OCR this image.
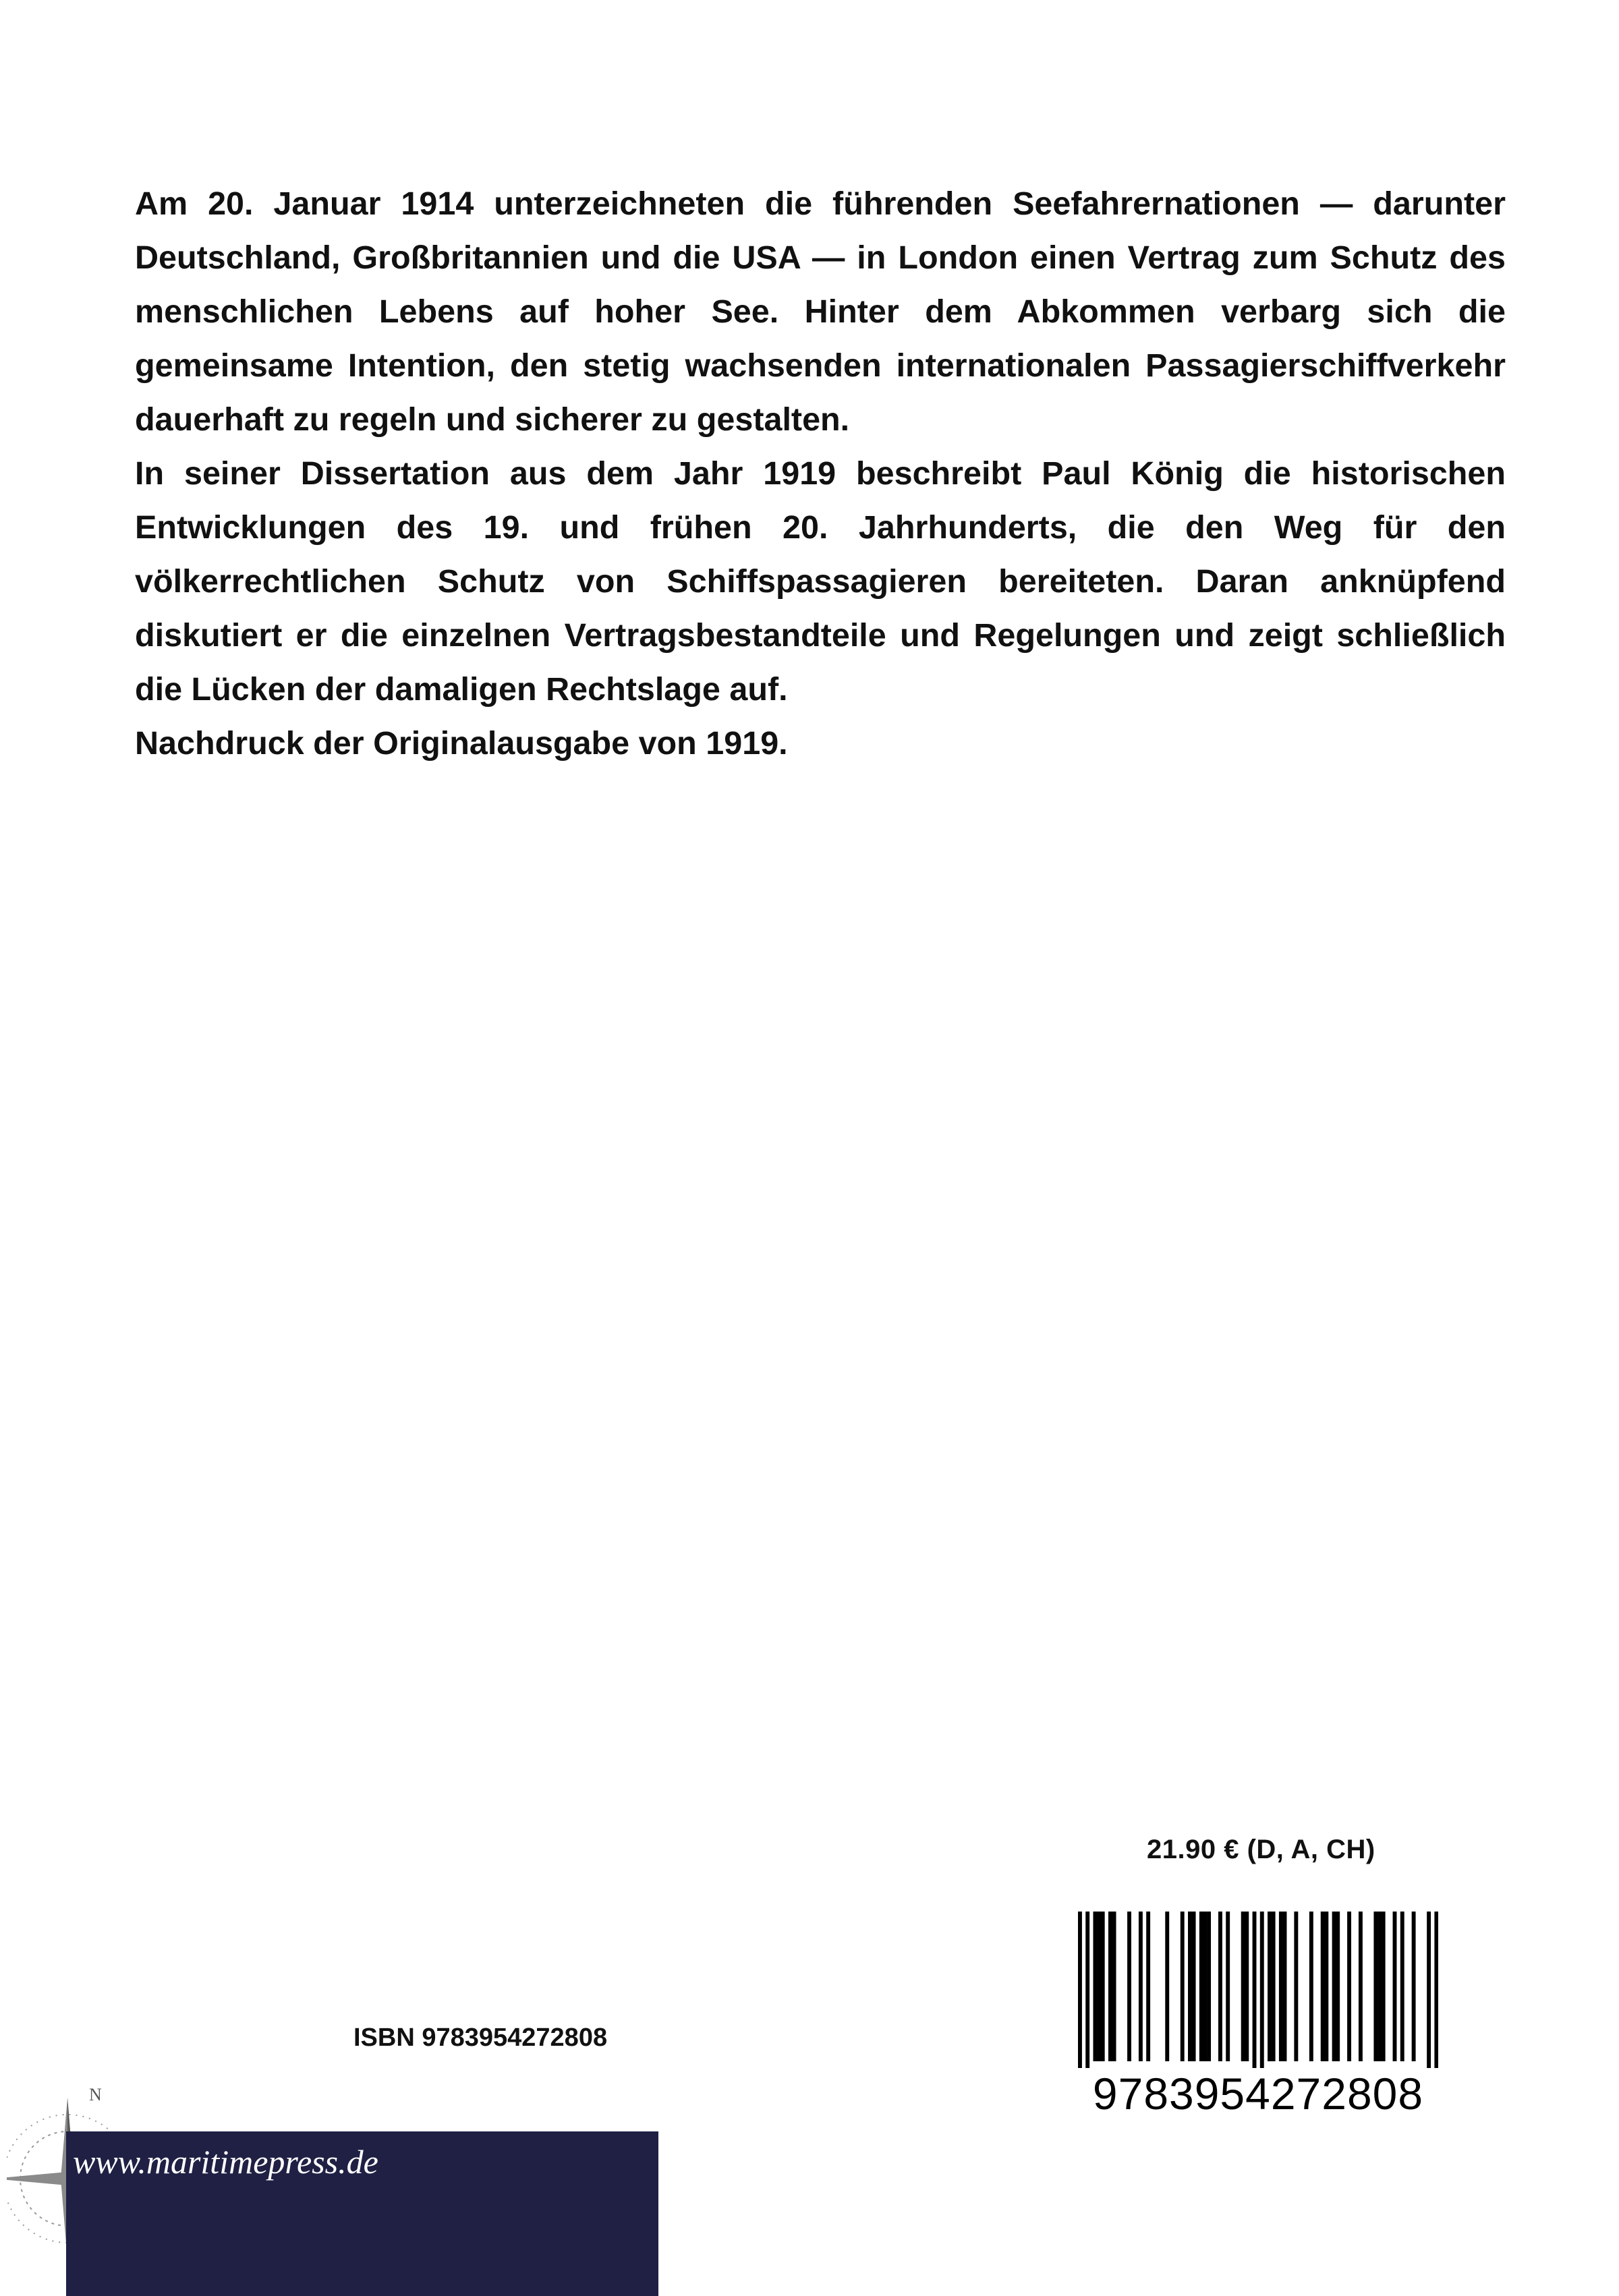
Am 20. Januar 1914 unterzeichneten die führenden Seefahrernationen — darunter Deutschland, Großbritannien und die USA — in London einen Vertrag zum Schutz des menschlichen Lebens auf hoher See. Hinter dem Abkommen verbarg sich die gemeinsame Intention, den stetig wachsenden internationalen Passagierschiffverkehr dauerhaft zu regeln und sicherer zu gestalten.

In seiner Dissertation aus dem Jahr 1919 beschreibt Paul König die historischen Entwicklungen des 19. und frühen 20. Jahrhunderts, die den Weg für den völkerrechtlichen Schutz von Schiffspassagieren bereiteten. Daran anknüpfend diskutiert er die einzelnen Vertragsbestandteile und Regelungen und zeigt schließlich die Lücken der damaligen Rechtslage auf.

Nachdruck der Originalausgabe von 1919.

21.90 € (D, A, CH)
ISBN 9783954272808
9783954272808
N
www.maritimepress.de
